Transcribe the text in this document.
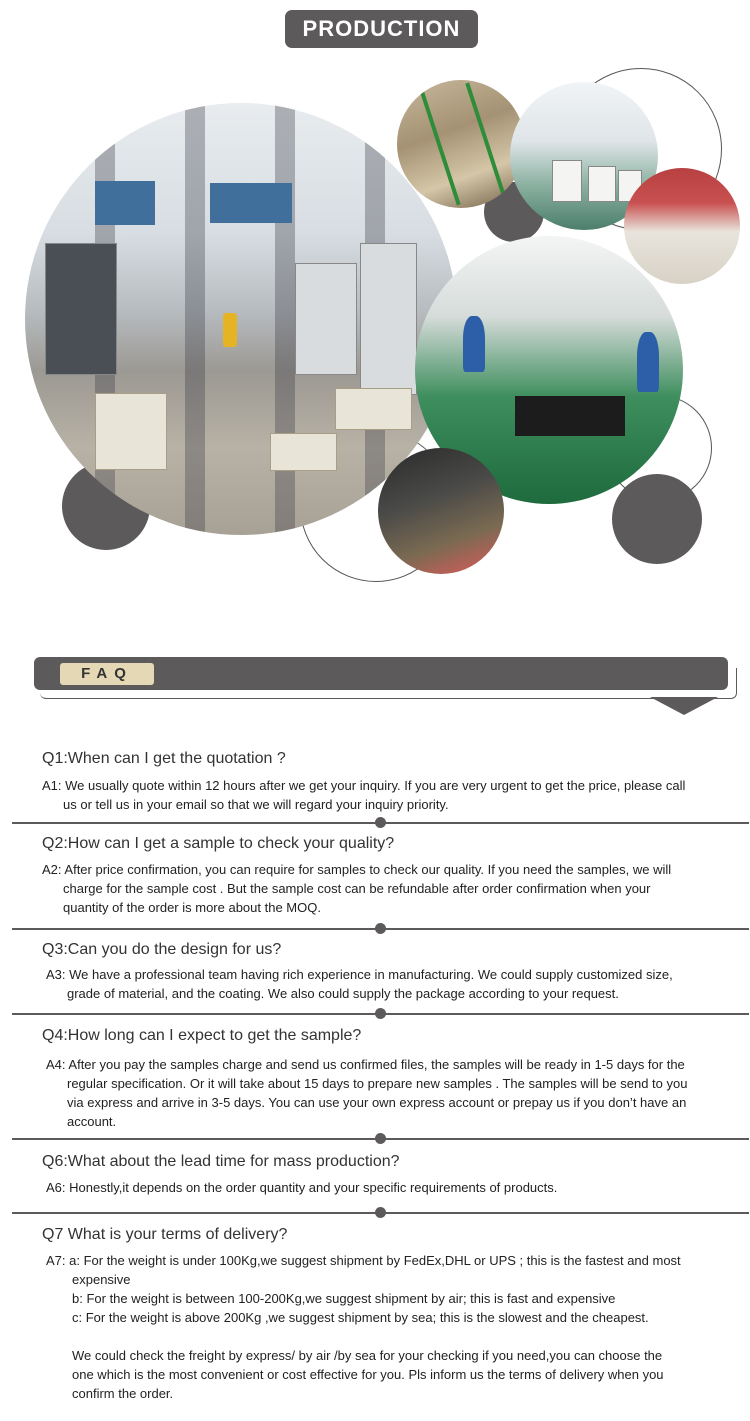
PRODUCTION
FAQ
Q1:When can I get the quotation ?
A1: We usually quote within 12 hours after we get your inquiry. If you are very urgent to get the price, please call
us or tell us in your email so that we will regard your inquiry priority.
Q2:How can I get a sample to check your quality?
A2: After price confirmation, you can require for samples to check our quality. If you need the samples, we will
charge for the sample cost . But the sample cost can be refundable after order confirmation when your
quantity of the order is more about the MOQ.
Q3:Can you do the design for us?
A3: We have a professional team having rich experience in manufacturing. We could supply customized size,
grade of material, and the coating. We also could supply the package according to your request.
Q4:How long can I expect to get the sample?
A4: After you pay the samples charge and send us confirmed files, the samples will be ready in 1-5 days for the
regular specification. Or it will take about 15 days to prepare new samples . The samples will be send to you
via express and arrive in 3-5 days. You can use your own express account or prepay us if you don’t have an
account.
Q6:What about the lead time for mass production?
A6: Honestly,it depends on the order quantity and your specific requirements of products.
Q7 What is your terms of delivery?
A7: a: For the weight is under 100Kg,we suggest shipment by FedEx,DHL or UPS ; this is the fastest and most
expensive
b: For the weight is between 100-200Kg,we suggest shipment by air; this is fast and expensive
c: For the weight is above 200Kg ,we suggest shipment by sea; this is the slowest and the cheapest.
We could check the freight by express/ by air /by sea for your checking if you need,you can choose the
one which is the most convenient or cost effective for you. Pls inform us the terms of delivery when you
confirm the order.
